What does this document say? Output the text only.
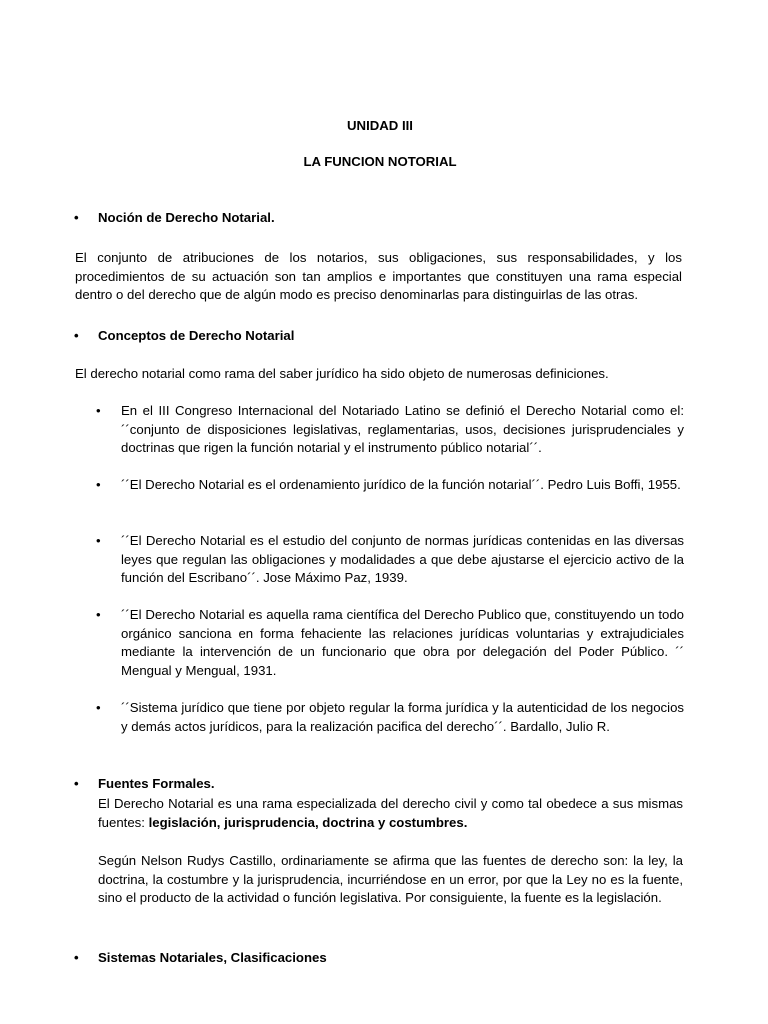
UNIDAD III
LA FUNCION NOTORIAL
•	Noción de Derecho Notarial.
El conjunto de atribuciones de los notarios, sus obligaciones, sus responsabilidades, y los procedimientos de su actuación son tan amplios e importantes que constituyen una rama especial dentro o del derecho que de algún modo es preciso denominarlas para distinguirlas de las otras.
•	Conceptos de Derecho Notarial
El derecho notarial como rama del saber jurídico ha sido objeto de numerosas definiciones.
• En el III Congreso Internacional del Notariado Latino se definió el Derecho Notarial como el: ´´conjunto de disposiciones legislativas, reglamentarias, usos, decisiones jurisprudenciales y doctrinas que rigen la función notarial y el instrumento público notarial´´.
• ´´El Derecho Notarial es el ordenamiento jurídico de la función notarial´´. Pedro Luis Boffi, 1955.
• ´´El Derecho Notarial es el estudio del conjunto de normas jurídicas contenidas en las diversas leyes que regulan las obligaciones y modalidades a que debe ajustarse el ejercicio activo de la función del Escribano´´. Jose Máximo Paz, 1939.
• ´´El Derecho Notarial es aquella rama científica del Derecho Publico que, constituyendo un todo orgánico sanciona en forma fehaciente las relaciones jurídicas voluntarias y extrajudiciales mediante la intervención de un funcionario que obra por delegación del Poder Público. ´´ Mengual y Mengual, 1931.
• ´´Sistema jurídico que tiene por objeto regular la forma jurídica y la autenticidad de los negocios y demás actos jurídicos, para la realización pacifica del derecho´´. Bardallo, Julio R.
•	Fuentes Formales.
El Derecho Notarial es una rama especializada del derecho civil y como tal obedece a sus mismas fuentes: legislación, jurisprudencia, doctrina y costumbres.
Según Nelson Rudys Castillo, ordinariamente se afirma que las fuentes de derecho son: la ley, la doctrina, la costumbre y la jurisprudencia, incurriéndose en un error, por que la Ley no es la fuente, sino el producto de la actividad o función legislativa. Por consiguiente, la fuente es la legislación.
•	Sistemas Notariales, Clasificaciones
